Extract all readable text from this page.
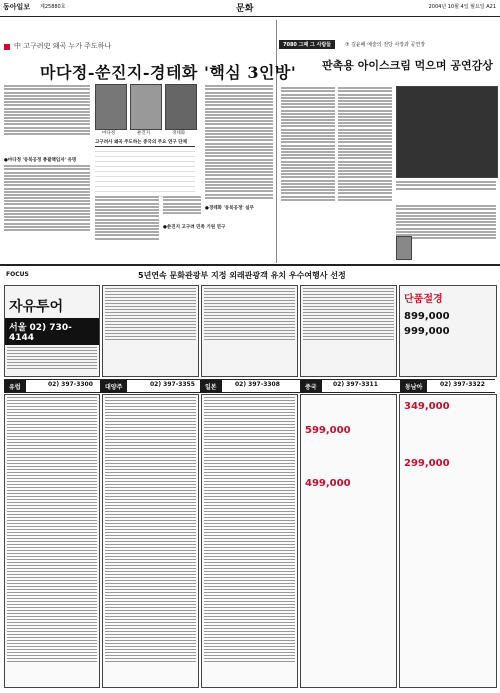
동아일보 제25880호	문화	2004년 10월 4일 월요일 A21
中 고구려史 왜곡 누가 주도하나
마다정-쑨진지-경테화 '핵심 3인방'
마다정	쑨진지	경테화
고구려사 왜곡 주도하는 중국의 주요 연구 단체
●마다정 '동북공정 총괄책임자' 유명
●쑨진지 고구려 민족 기원 연구
●경테화 '동북공정' 실무
7080 그때 그 사람들	⑦ 김윤배 예술의 전당 사장과 공연장
판촉용 아이스크림 먹으며 공연감상
FOCUS	5년연속 문화관광부 지정 외래관광객 유치 우수여행사 선정
자유투어
서울 02) 730-4144
단품절경
899,000
999,000
유럽	02) 397-3300	대양주	02) 397-3355	일본	02) 397-3308	중국	02) 397-3311	동남아	02) 397-3322
599,000
499,000
349,000
299,000
